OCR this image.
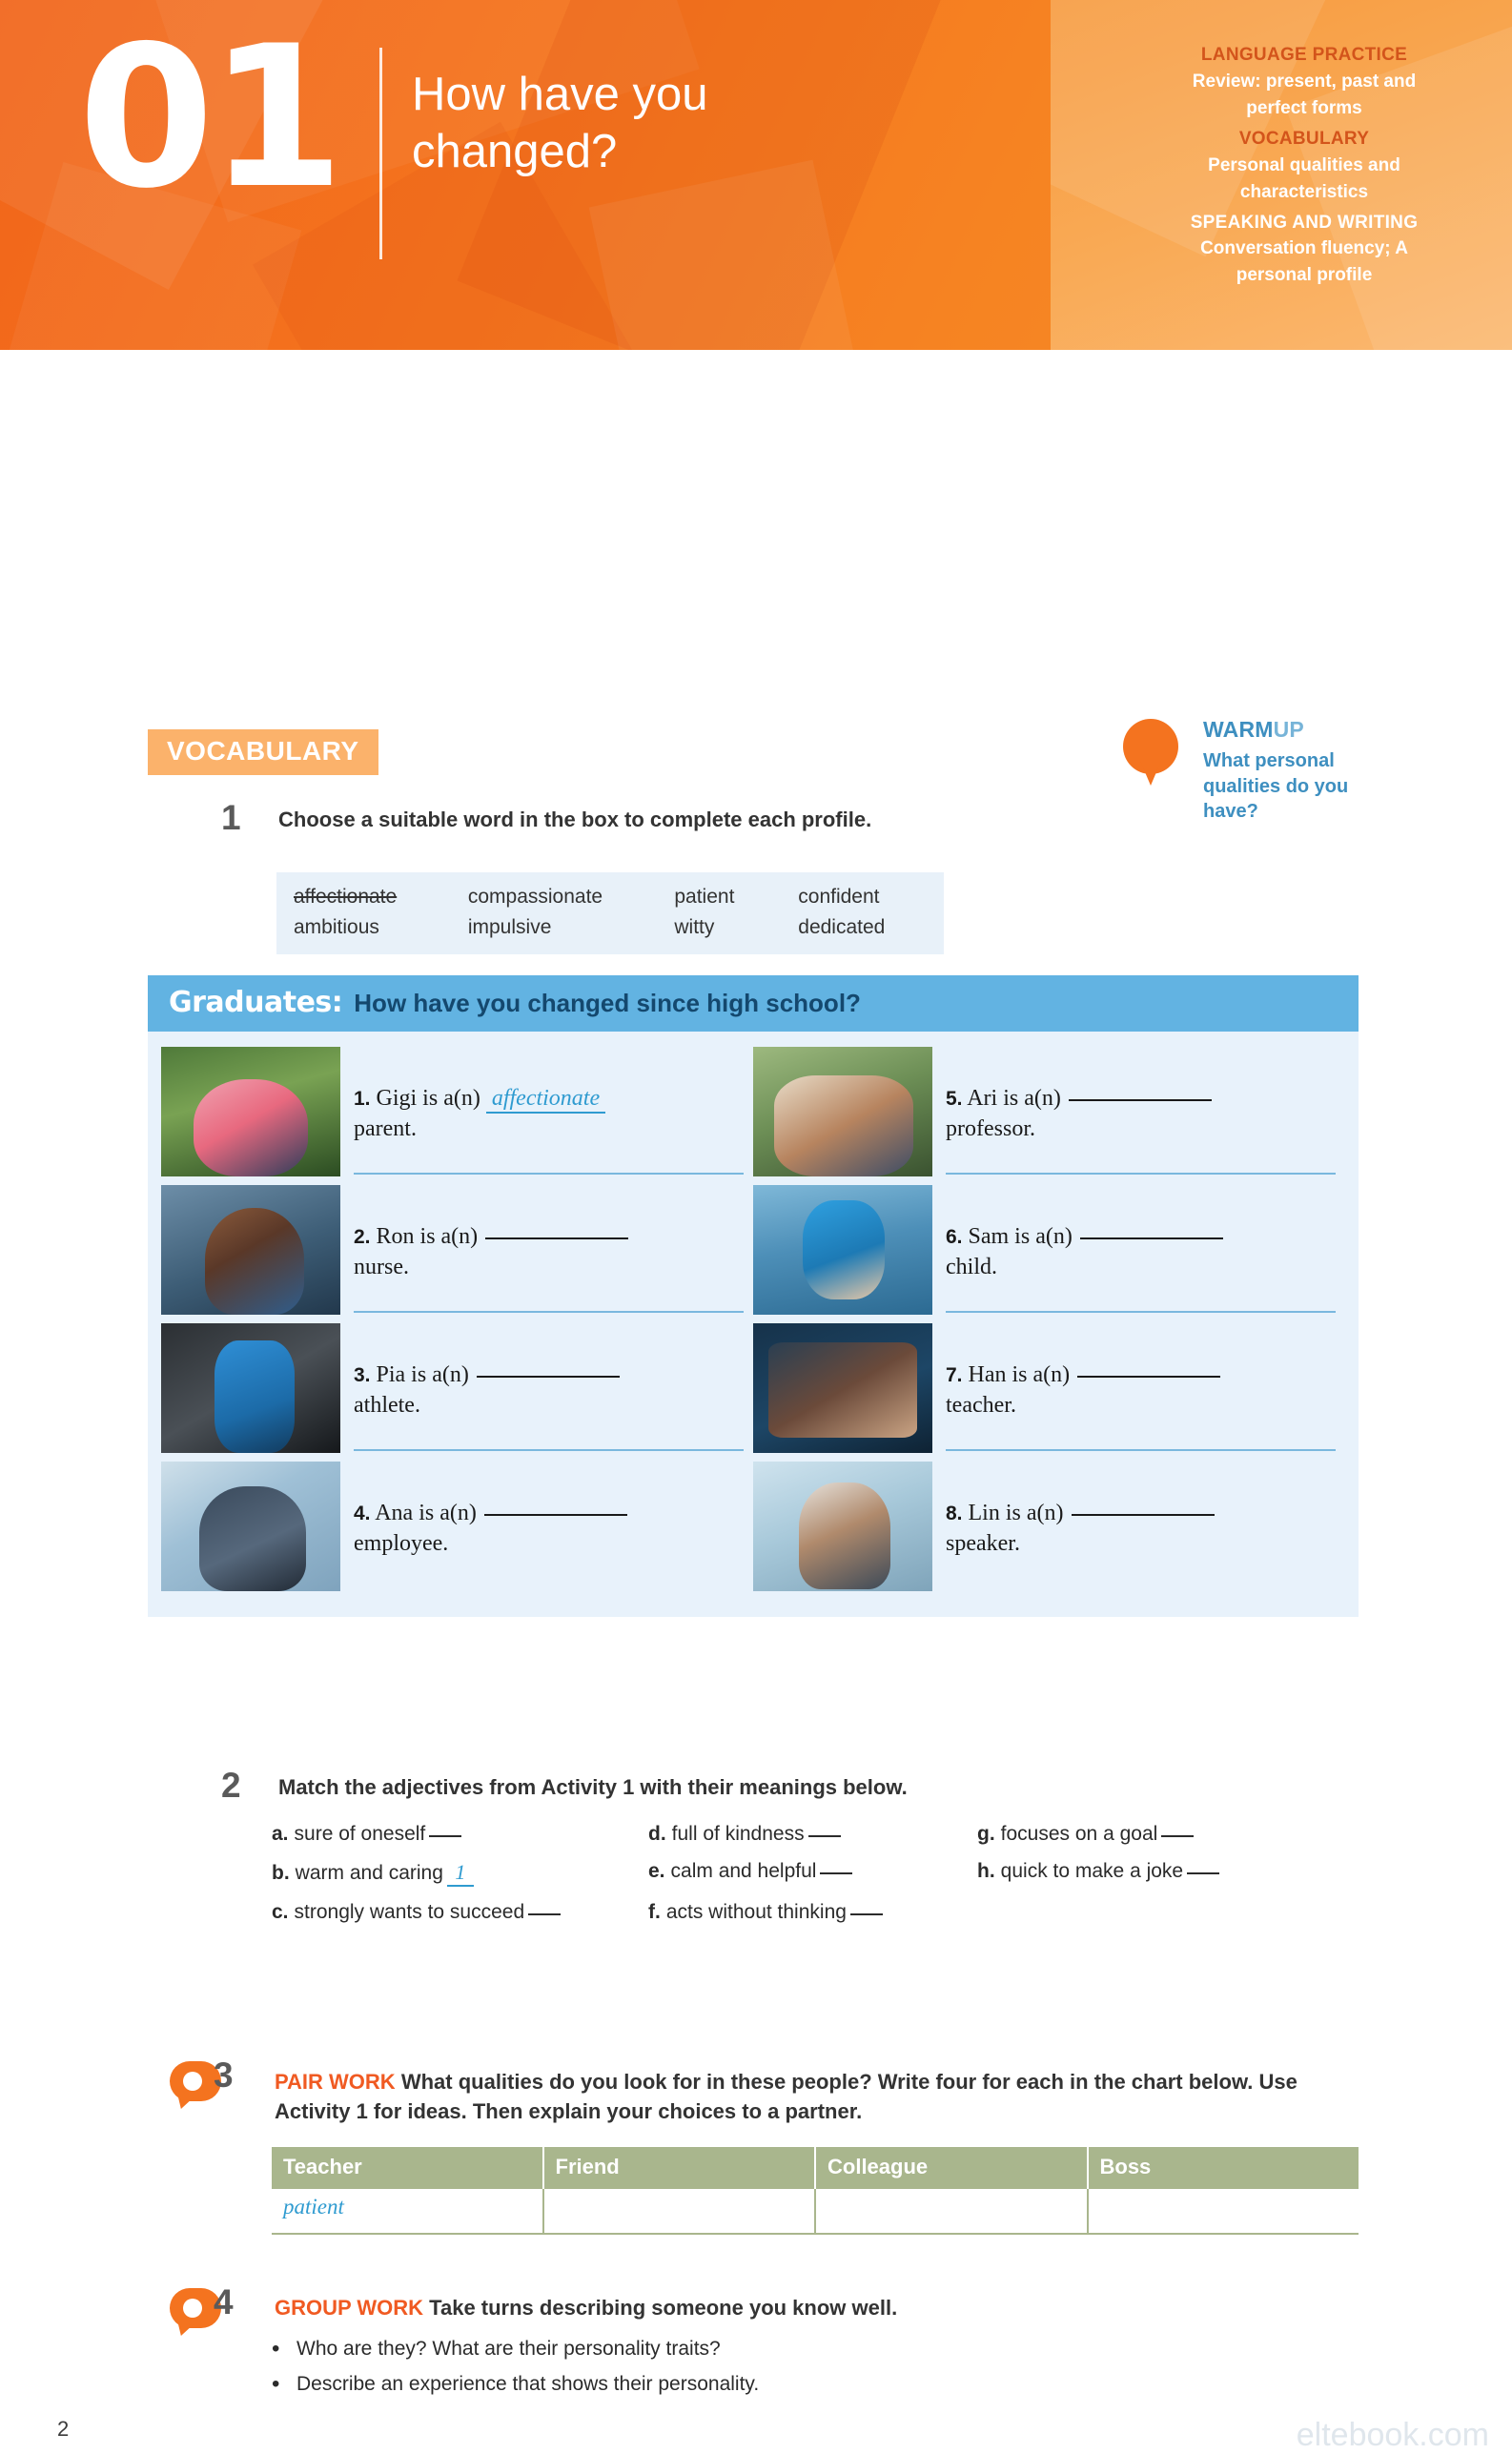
01 How have you changed?
LANGUAGE PRACTICE
Review: present, past and perfect forms
VOCABULARY
Personal qualities and characteristics
SPEAKING AND WRITING
Conversation fluency; A personal profile
VOCABULARY
WARMUP
What personal qualities do you have?
1 Choose a suitable word in the box to complete each profile.
affectionate	compassionate	patient	confident
ambitious	impulsive	witty	dedicated
Graduates: How have you changed since high school?
1. Gigi is a(n) affectionate
parent.
2. Ron is a(n)
nurse.
3. Pia is a(n)
athlete.
4. Ana is a(n)
employee.
5. Ari is a(n)
professor.
6. Sam is a(n)
child.
7. Han is a(n)
teacher.
8. Lin is a(n)
speaker.
2 Match the adjectives from Activity 1 with their meanings below.
a. sure of oneself	d. full of kindness	g. focuses on a goal
b. warm and caring 1	e. calm and helpful	h. quick to make a joke
c. strongly wants to succeed	f. acts without thinking
3 PAIR WORK What qualities do you look for in these people? Write four for each in the chart below. Use Activity 1 for ideas. Then explain your choices to a partner.
Teacher	Friend	Colleague	Boss
patient
4 GROUP WORK Take turns describing someone you know well.
• Who are they? What are their personality traits?
• Describe an experience that shows their personality.
2	eltebook.com
